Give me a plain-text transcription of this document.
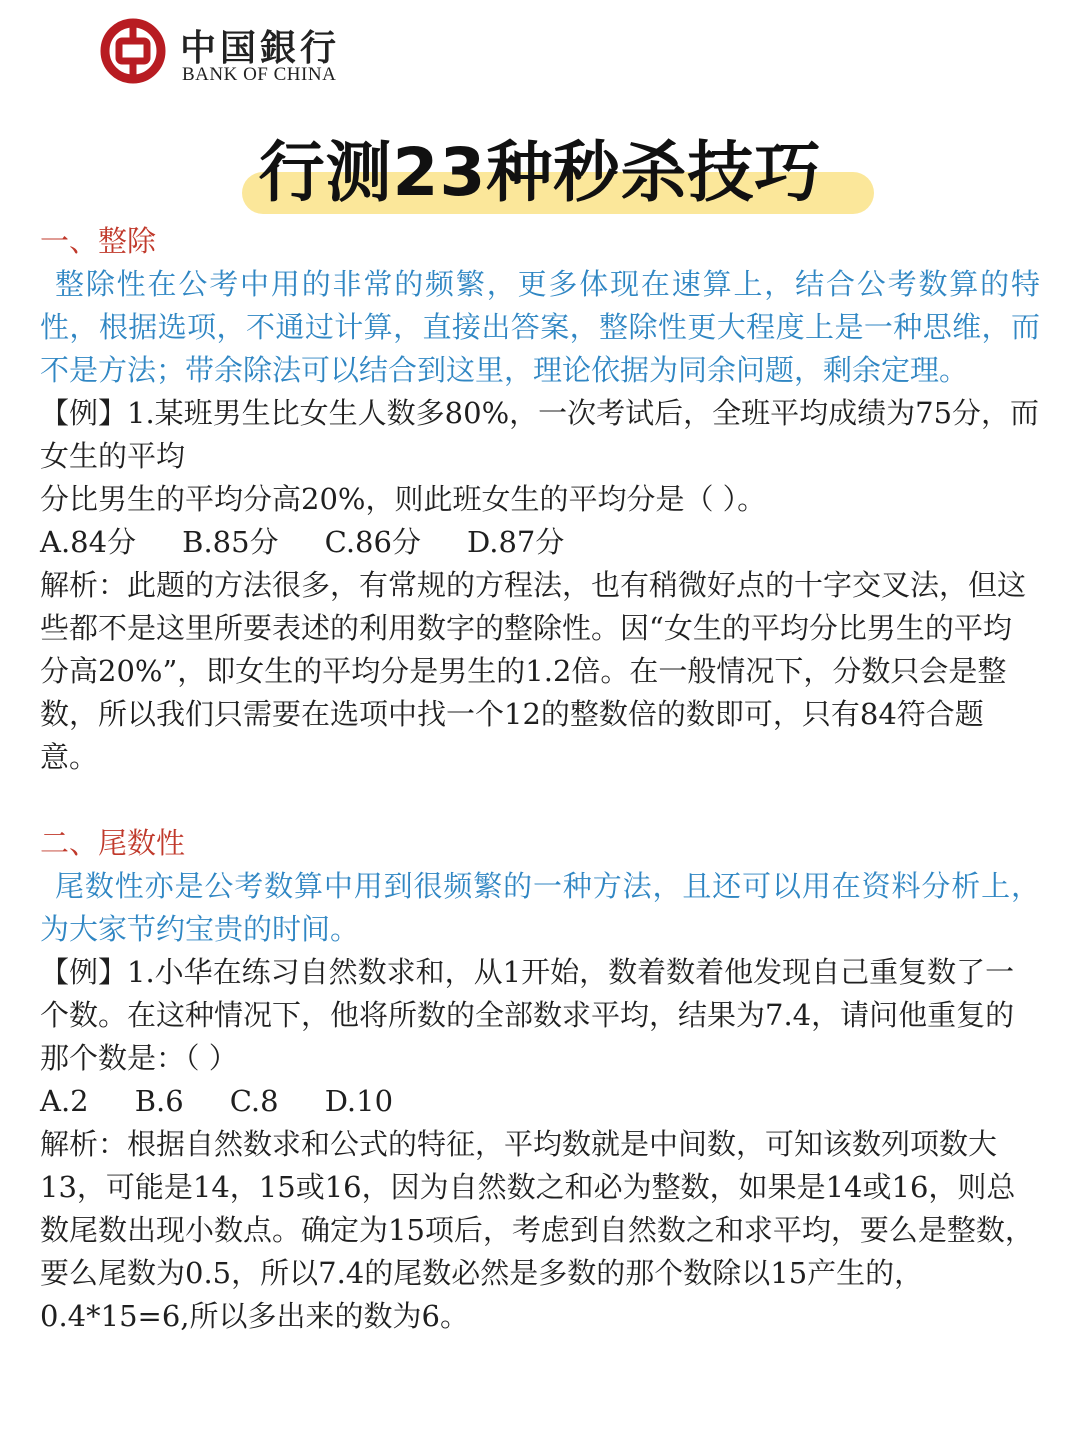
中国銀行
BANK OF CHINA
行测23种秒杀技巧

一、整除

整除性在公考中用的非常的频繁，更多体现在速算上，结合公考数算的特性，根据选项，不通过计算，直接出答案，整除性更大程度上是一种思维，而不是方法；带余除法可以结合到这里，理论依据为同余问题，剩余定理。

【例】1.某班男生比女生人数多80%，一次考试后，全班平均成绩为75分，而女生的平均

分比男生的平均分高20%，则此班女生的平均分是（ ）。

A.84分     B.85分     C.86分     D.87分

解析：此题的方法很多，有常规的方程法，也有稍微好点的十字交叉法，但这些都不是这里所要表述的利用数字的整除性。因“女生的平均分比男生的平均分高20%”，即女生的平均分是男生的1.2倍。在一般情况下，分数只会是整数，所以我们只需要在选项中找一个12的整数倍的数即可，只有84符合题意。

二、尾数性

尾数性亦是公考数算中用到很频繁的一种方法，且还可以用在资料分析上，为大家节约宝贵的时间。

【例】1.小华在练习自然数求和，从1开始，数着数着他发现自己重复数了一个数。在这种情况下，他将所数的全部数求平均，结果为7.4，请问他重复的那个数是：（ ）

A.2     B.6     C.8     D.10

解析：根据自然数求和公式的特征，平均数就是中间数，可知该数列项数大13，可能是14，15或16，因为自然数之和必为整数，如果是14或16，则总数尾数出现小数点。确定为15项后，考虑到自然数之和求平均，要么是整数，要么尾数为0.5，所以7.4的尾数必然是多数的那个数除以15产生的，0.4*15=6,所以多出来的数为6。
